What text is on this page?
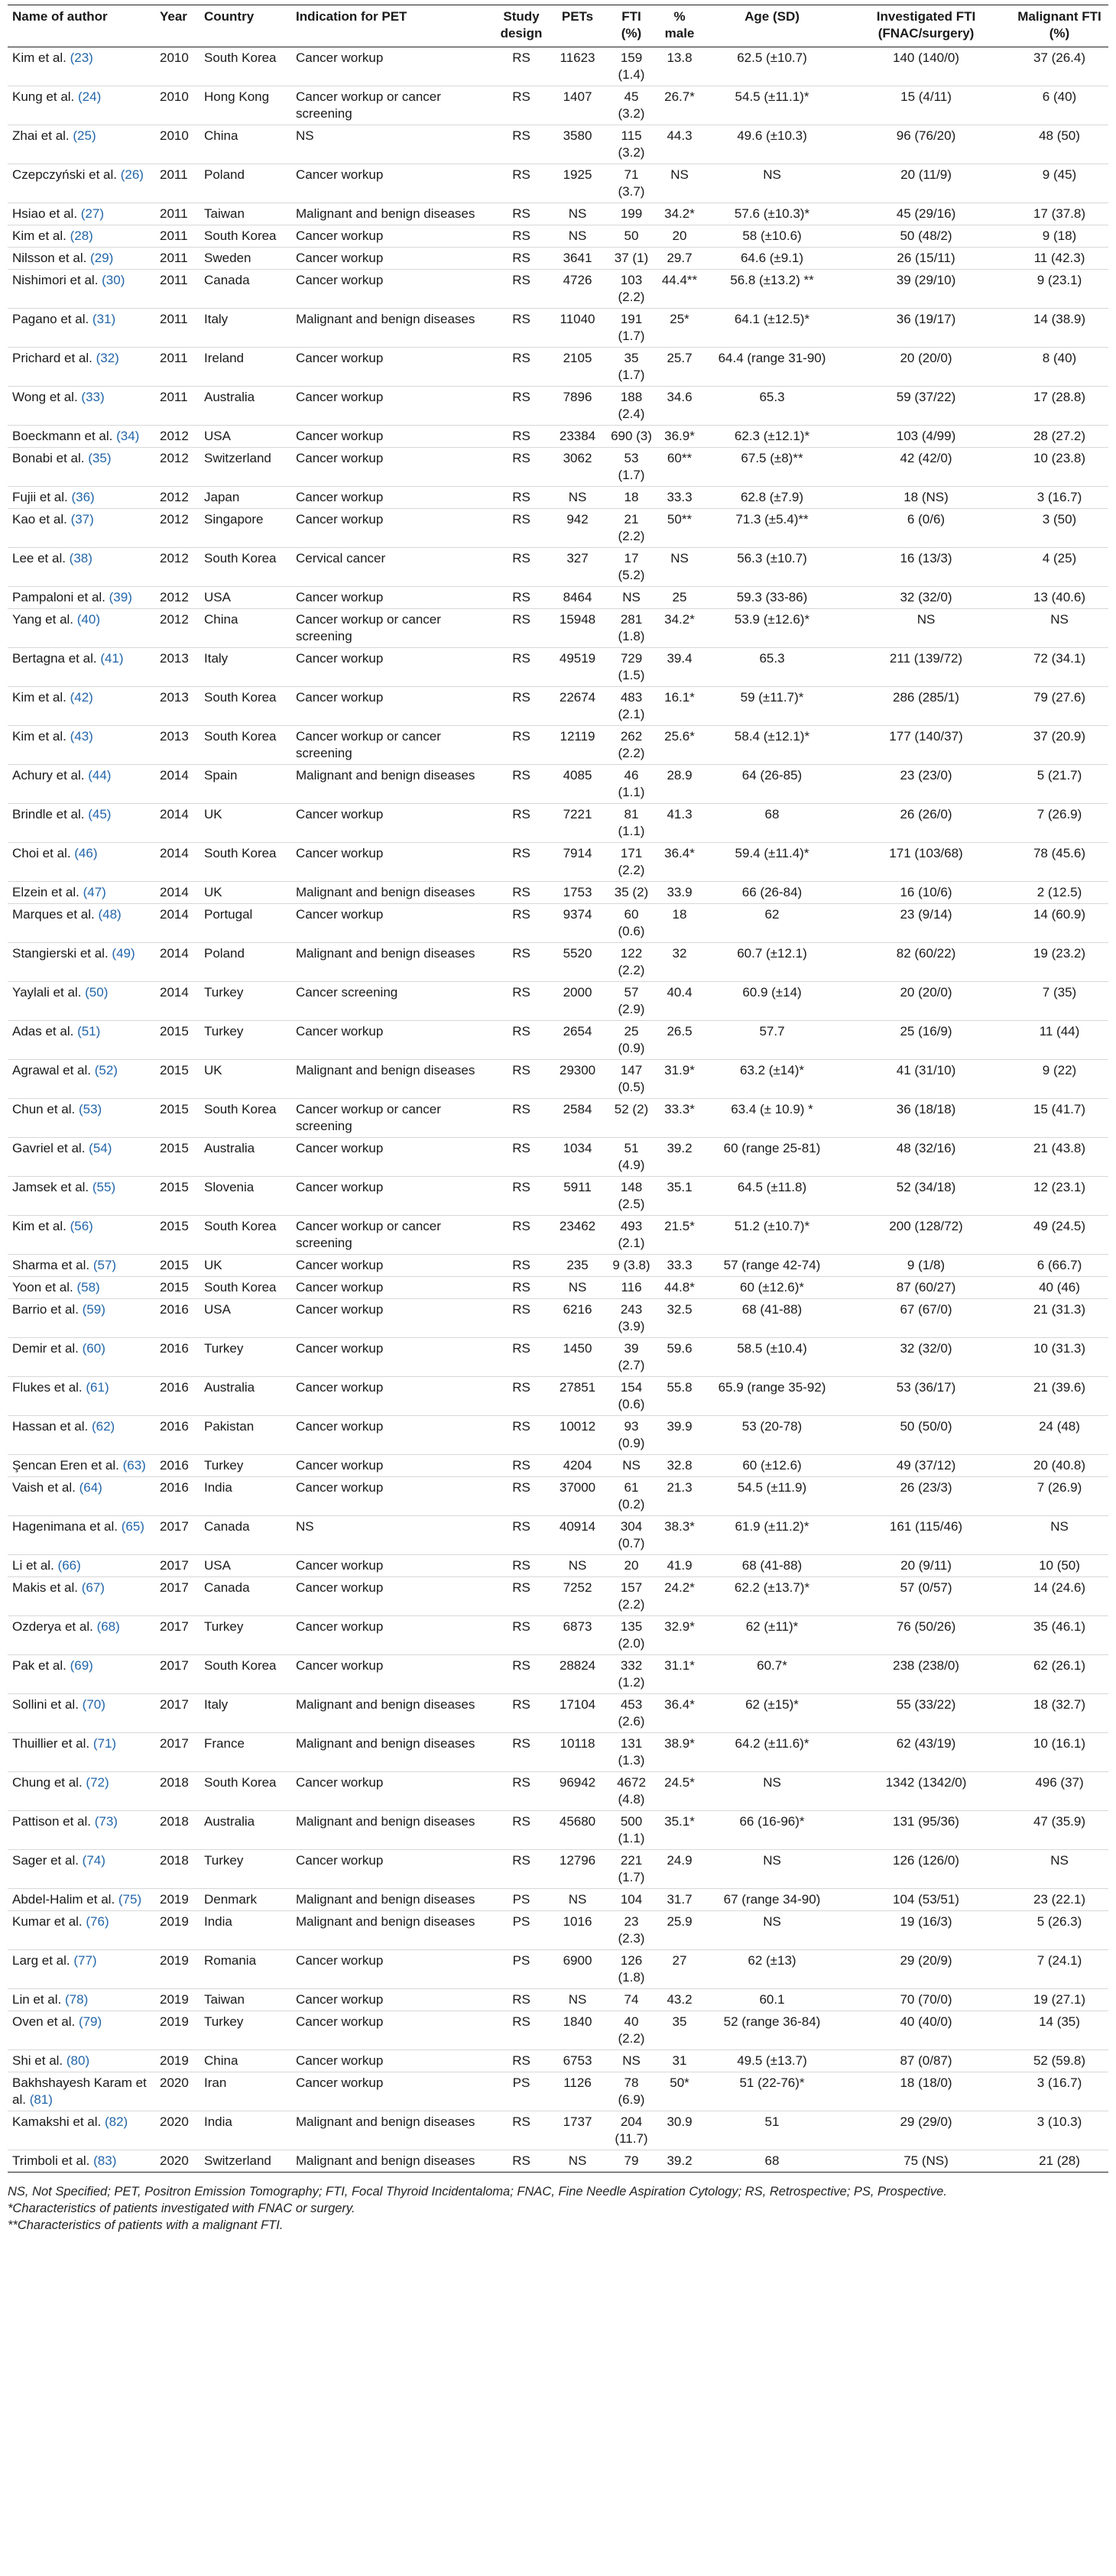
Name of author	Year	Country	Indication for PET	Study design	PETs	FTI (%)	% male	Age (SD)	Investigated FTI (FNAC/surgery)	Malignant FTI (%)
Kim et al. (23)	2010	South Korea	Cancer workup	RS	11623	159 (1.4)	13.8	62.5 (±10.7)	140 (140/0)	37 (26.4)
Kung et al. (24)	2010	Hong Kong	Cancer workup or cancer screening	RS	1407	45 (3.2)	26.7*	54.5 (±11.1)*	15 (4/11)	6 (40)
Zhai et al. (25)	2010	China	NS	RS	3580	115 (3.2)	44.3	49.6 (±10.3)	96 (76/20)	48 (50)
Czepczyński et al. (26)	2011	Poland	Cancer workup	RS	1925	71 (3.7)	NS	NS	20 (11/9)	9 (45)
Hsiao et al. (27)	2011	Taiwan	Malignant and benign diseases	RS	NS	199	34.2*	57.6 (±10.3)*	45 (29/16)	17 (37.8)
Kim et al. (28)	2011	South Korea	Cancer workup	RS	NS	50	20	58 (±10.6)	50 (48/2)	9 (18)
Nilsson et al. (29)	2011	Sweden	Cancer workup	RS	3641	37 (1)	29.7	64.6 (±9.1)	26 (15/11)	11 (42.3)
Nishimori et al. (30)	2011	Canada	Cancer workup	RS	4726	103 (2.2)	44.4**	56.8 (±13.2) **	39 (29/10)	9 (23.1)
Pagano et al. (31)	2011	Italy	Malignant and benign diseases	RS	11040	191 (1.7)	25*	64.1 (±12.5)*	36 (19/17)	14 (38.9)
Prichard et al. (32)	2011	Ireland	Cancer workup	RS	2105	35 (1.7)	25.7	64.4 (range 31-90)	20 (20/0)	8 (40)
Wong et al. (33)	2011	Australia	Cancer workup	RS	7896	188 (2.4)	34.6	65.3	59 (37/22)	17 (28.8)
Boeckmann et al. (34)	2012	USA	Cancer workup	RS	23384	690 (3)	36.9*	62.3 (±12.1)*	103 (4/99)	28 (27.2)
Bonabi et al. (35)	2012	Switzerland	Cancer workup	RS	3062	53 (1.7)	60**	67.5 (±8)**	42 (42/0)	10 (23.8)
Fujii et al. (36)	2012	Japan	Cancer workup	RS	NS	18	33.3	62.8 (±7.9)	18 (NS)	3 (16.7)
Kao et al. (37)	2012	Singapore	Cancer workup	RS	942	21 (2.2)	50**	71.3 (±5.4)**	6 (0/6)	3 (50)
Lee et al. (38)	2012	South Korea	Cervical cancer	RS	327	17 (5.2)	NS	56.3 (±10.7)	16 (13/3)	4 (25)
Pampaloni et al. (39)	2012	USA	Cancer workup	RS	8464	NS	25	59.3 (33-86)	32 (32/0)	13 (40.6)
Yang et al. (40)	2012	China	Cancer workup or cancer screening	RS	15948	281 (1.8)	34.2*	53.9 (±12.6)*	NS	NS
Bertagna et al. (41)	2013	Italy	Cancer workup	RS	49519	729 (1.5)	39.4	65.3	211 (139/72)	72 (34.1)
Kim et al. (42)	2013	South Korea	Cancer workup	RS	22674	483 (2.1)	16.1*	59 (±11.7)*	286 (285/1)	79 (27.6)
Kim et al. (43)	2013	South Korea	Cancer workup or cancer screening	RS	12119	262 (2.2)	25.6*	58.4 (±12.1)*	177 (140/37)	37 (20.9)
Achury et al. (44)	2014	Spain	Malignant and benign diseases	RS	4085	46 (1.1)	28.9	64 (26-85)	23 (23/0)	5 (21.7)
Brindle et al. (45)	2014	UK	Cancer workup	RS	7221	81 (1.1)	41.3	68	26 (26/0)	7 (26.9)
Choi et al. (46)	2014	South Korea	Cancer workup	RS	7914	171 (2.2)	36.4*	59.4 (±11.4)*	171 (103/68)	78 (45.6)
Elzein et al. (47)	2014	UK	Malignant and benign diseases	RS	1753	35 (2)	33.9	66 (26-84)	16 (10/6)	2 (12.5)
Marques et al. (48)	2014	Portugal	Cancer workup	RS	9374	60 (0.6)	18	62	23 (9/14)	14 (60.9)
Stangierski et al. (49)	2014	Poland	Malignant and benign diseases	RS	5520	122 (2.2)	32	60.7 (±12.1)	82 (60/22)	19 (23.2)
Yaylali et al. (50)	2014	Turkey	Cancer screening	RS	2000	57 (2.9)	40.4	60.9 (±14)	20 (20/0)	7 (35)
Adas et al. (51)	2015	Turkey	Cancer workup	RS	2654	25 (0.9)	26.5	57.7	25 (16/9)	11 (44)
Agrawal et al. (52)	2015	UK	Malignant and benign diseases	RS	29300	147 (0.5)	31.9*	63.2 (±14)*	41 (31/10)	9 (22)
Chun et al. (53)	2015	South Korea	Cancer workup or cancer screening	RS	2584	52 (2)	33.3*	63.4 (± 10.9) *	36 (18/18)	15 (41.7)
Gavriel et al. (54)	2015	Australia	Cancer workup	RS	1034	51 (4.9)	39.2	60 (range 25-81)	48 (32/16)	21 (43.8)
Jamsek et al. (55)	2015	Slovenia	Cancer workup	RS	5911	148 (2.5)	35.1	64.5 (±11.8)	52 (34/18)	12 (23.1)
Kim et al. (56)	2015	South Korea	Cancer workup or cancer screening	RS	23462	493 (2.1)	21.5*	51.2 (±10.7)*	200 (128/72)	49 (24.5)
Sharma et al. (57)	2015	UK	Cancer workup	RS	235	9 (3.8)	33.3	57 (range 42-74)	9 (1/8)	6 (66.7)
Yoon et al. (58)	2015	South Korea	Cancer workup	RS	NS	116	44.8*	60 (±12.6)*	87 (60/27)	40 (46)
Barrio et al. (59)	2016	USA	Cancer workup	RS	6216	243 (3.9)	32.5	68 (41-88)	67 (67/0)	21 (31.3)
Demir et al. (60)	2016	Turkey	Cancer workup	RS	1450	39 (2.7)	59.6	58.5 (±10.4)	32 (32/0)	10 (31.3)
Flukes et al. (61)	2016	Australia	Cancer workup	RS	27851	154 (0.6)	55.8	65.9 (range 35-92)	53 (36/17)	21 (39.6)
Hassan et al. (62)	2016	Pakistan	Cancer workup	RS	10012	93 (0.9)	39.9	53 (20-78)	50 (50/0)	24 (48)
Şencan Eren et al. (63)	2016	Turkey	Cancer workup	RS	4204	NS	32.8	60 (±12.6)	49 (37/12)	20 (40.8)
Vaish et al. (64)	2016	India	Cancer workup	RS	37000	61 (0.2)	21.3	54.5 (±11.9)	26 (23/3)	7 (26.9)
Hagenimana et al. (65)	2017	Canada	NS	RS	40914	304 (0.7)	38.3*	61.9 (±11.2)*	161 (115/46)	NS
Li et al. (66)	2017	USA	Cancer workup	RS	NS	20	41.9	68 (41-88)	20 (9/11)	10 (50)
Makis et al. (67)	2017	Canada	Cancer workup	RS	7252	157 (2.2)	24.2*	62.2 (±13.7)*	57 (0/57)	14 (24.6)
Ozderya et al. (68)	2017	Turkey	Cancer workup	RS	6873	135 (2.0)	32.9*	62 (±11)*	76 (50/26)	35 (46.1)
Pak et al. (69)	2017	South Korea	Cancer workup	RS	28824	332 (1.2)	31.1*	60.7*	238 (238/0)	62 (26.1)
Sollini et al. (70)	2017	Italy	Malignant and benign diseases	RS	17104	453 (2.6)	36.4*	62 (±15)*	55 (33/22)	18 (32.7)
Thuillier et al. (71)	2017	France	Malignant and benign diseases	RS	10118	131 (1.3)	38.9*	64.2 (±11.6)*	62 (43/19)	10 (16.1)
Chung et al. (72)	2018	South Korea	Cancer workup	RS	96942	4672 (4.8)	24.5*	NS	1342 (1342/0)	496 (37)
Pattison et al. (73)	2018	Australia	Malignant and benign diseases	RS	45680	500 (1.1)	35.1*	66 (16-96)*	131 (95/36)	47 (35.9)
Sager et al. (74)	2018	Turkey	Cancer workup	RS	12796	221 (1.7)	24.9	NS	126 (126/0)	NS
Abdel-Halim et al. (75)	2019	Denmark	Malignant and benign diseases	PS	NS	104	31.7	67 (range 34-90)	104 (53/51)	23 (22.1)
Kumar et al. (76)	2019	India	Malignant and benign diseases	PS	1016	23 (2.3)	25.9	NS	19 (16/3)	5 (26.3)
Larg et al. (77)	2019	Romania	Cancer workup	PS	6900	126 (1.8)	27	62 (±13)	29 (20/9)	7 (24.1)
Lin et al. (78)	2019	Taiwan	Cancer workup	RS	NS	74	43.2	60.1	70 (70/0)	19 (27.1)
Oven et al. (79)	2019	Turkey	Cancer workup	RS	1840	40 (2.2)	35	52 (range 36-84)	40 (40/0)	14 (35)
Shi et al. (80)	2019	China	Cancer workup	RS	6753	NS	31	49.5 (±13.7)	87 (0/87)	52 (59.8)
Bakhshayesh Karam et al. (81)	2020	Iran	Cancer workup	PS	1126	78 (6.9)	50*	51 (22-76)*	18 (18/0)	3 (16.7)
Kamakshi et al. (82)	2020	India	Malignant and benign diseases	RS	1737	204 (11.7)	30.9	51	29 (29/0)	3 (10.3)
Trimboli et al. (83)	2020	Switzerland	Malignant and benign diseases	RS	NS	79	39.2	68	75 (NS)	21 (28)

NS, Not Specified; PET, Positron Emission Tomography; FTI, Focal Thyroid Incidentaloma; FNAC, Fine Needle Aspiration Cytology; RS, Retrospective; PS, Prospective.

*Characteristics of patients investigated with FNAC or surgery.

**Characteristics of patients with a malignant FTI.
